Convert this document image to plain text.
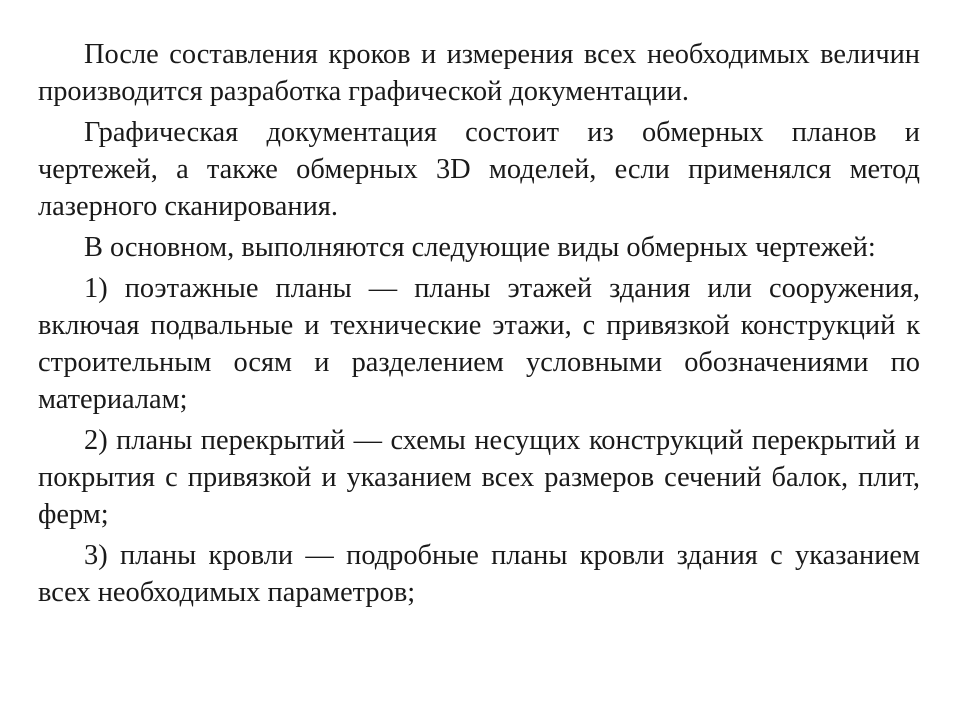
После составления кроков и измерения всех необходимых величин производится разработка графической документации.

Графическая документация состоит из обмерных планов и чертежей, а также обмерных 3D моделей, если применялся метод лазерного сканирования.

В основном, выполняются следующие виды обмерных чертежей:

1) поэтажные планы — планы этажей здания или сооружения, включая подвальные и технические этажи, с привязкой конструкций к строительным осям и разделением условными обозначениями по материалам;

2) планы перекрытий — схемы несущих конструкций перекрытий и покрытия с привязкой и указанием всех размеров сечений балок, плит, ферм;

3) планы кровли — подробные планы кровли здания с указанием всех необходимых параметров;
